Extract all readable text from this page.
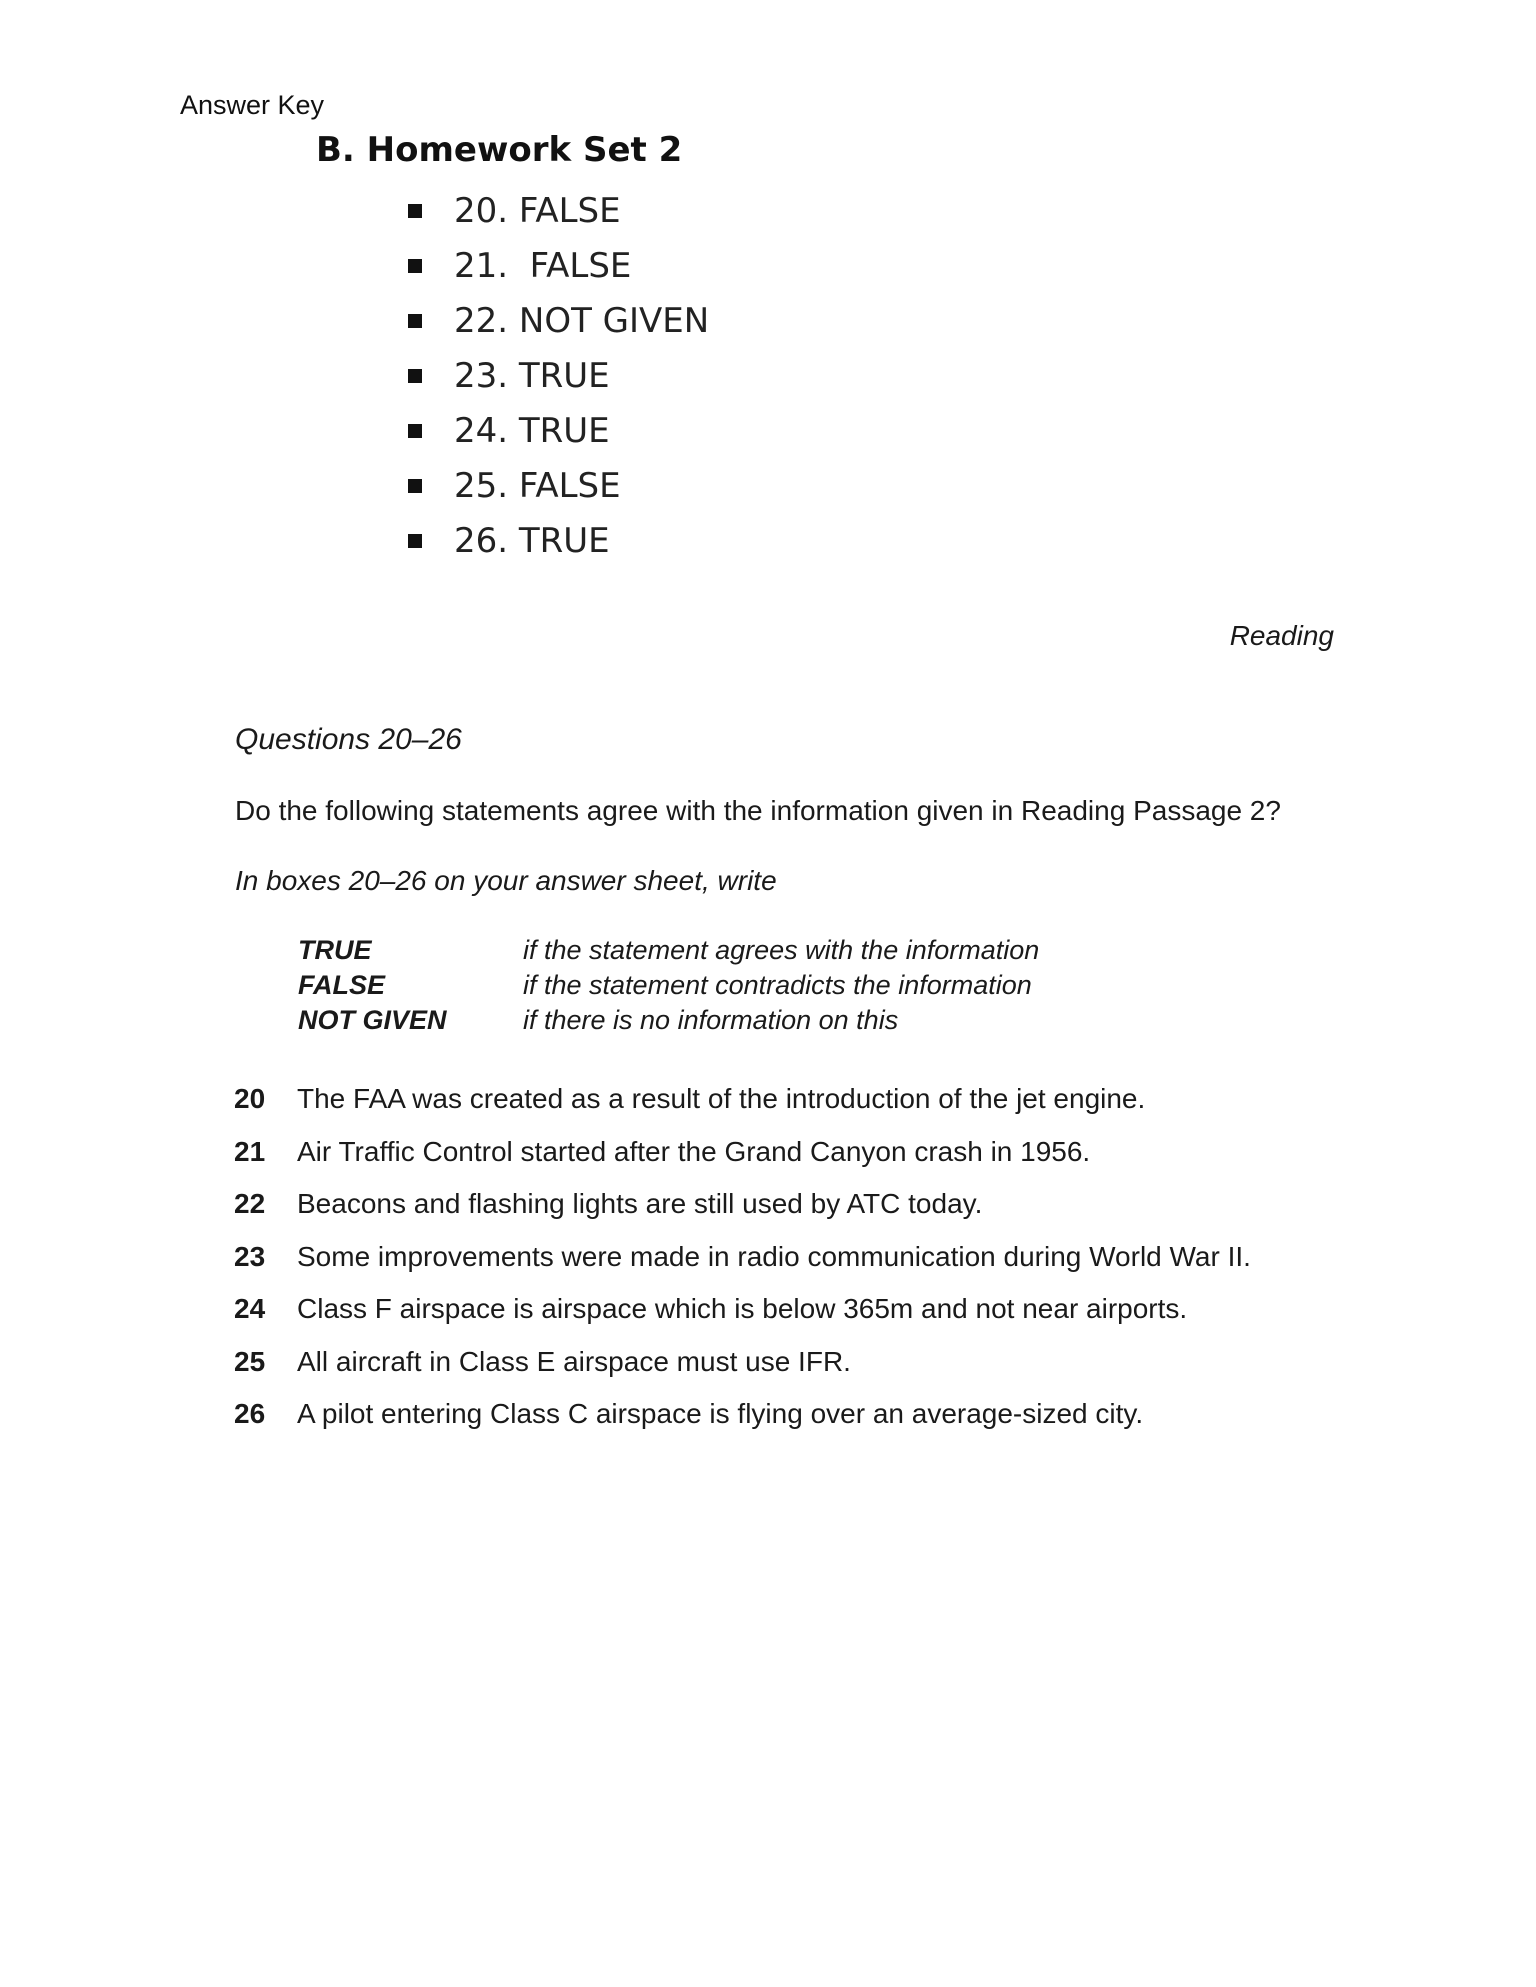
Answer Key
B. Homework Set 2
20. FALSE
21.  FALSE
22. NOT GIVEN
23. TRUE
24. TRUE
25. FALSE
26. TRUE
Reading
Questions 20–26
Do the following statements agree with the information given in Reading Passage 2?
In boxes 20–26 on your answer sheet, write
TRUE	if the statement agrees with the information
FALSE	if the statement contradicts the information
NOT GIVEN	if there is no information on this
20	The FAA was created as a result of the introduction of the jet engine.
21	Air Traffic Control started after the Grand Canyon crash in 1956.
22	Beacons and flashing lights are still used by ATC today.
23	Some improvements were made in radio communication during World War II.
24	Class F airspace is airspace which is below 365m and not near airports.
25	All aircraft in Class E airspace must use IFR.
26	A pilot entering Class C airspace is flying over an average-sized city.
